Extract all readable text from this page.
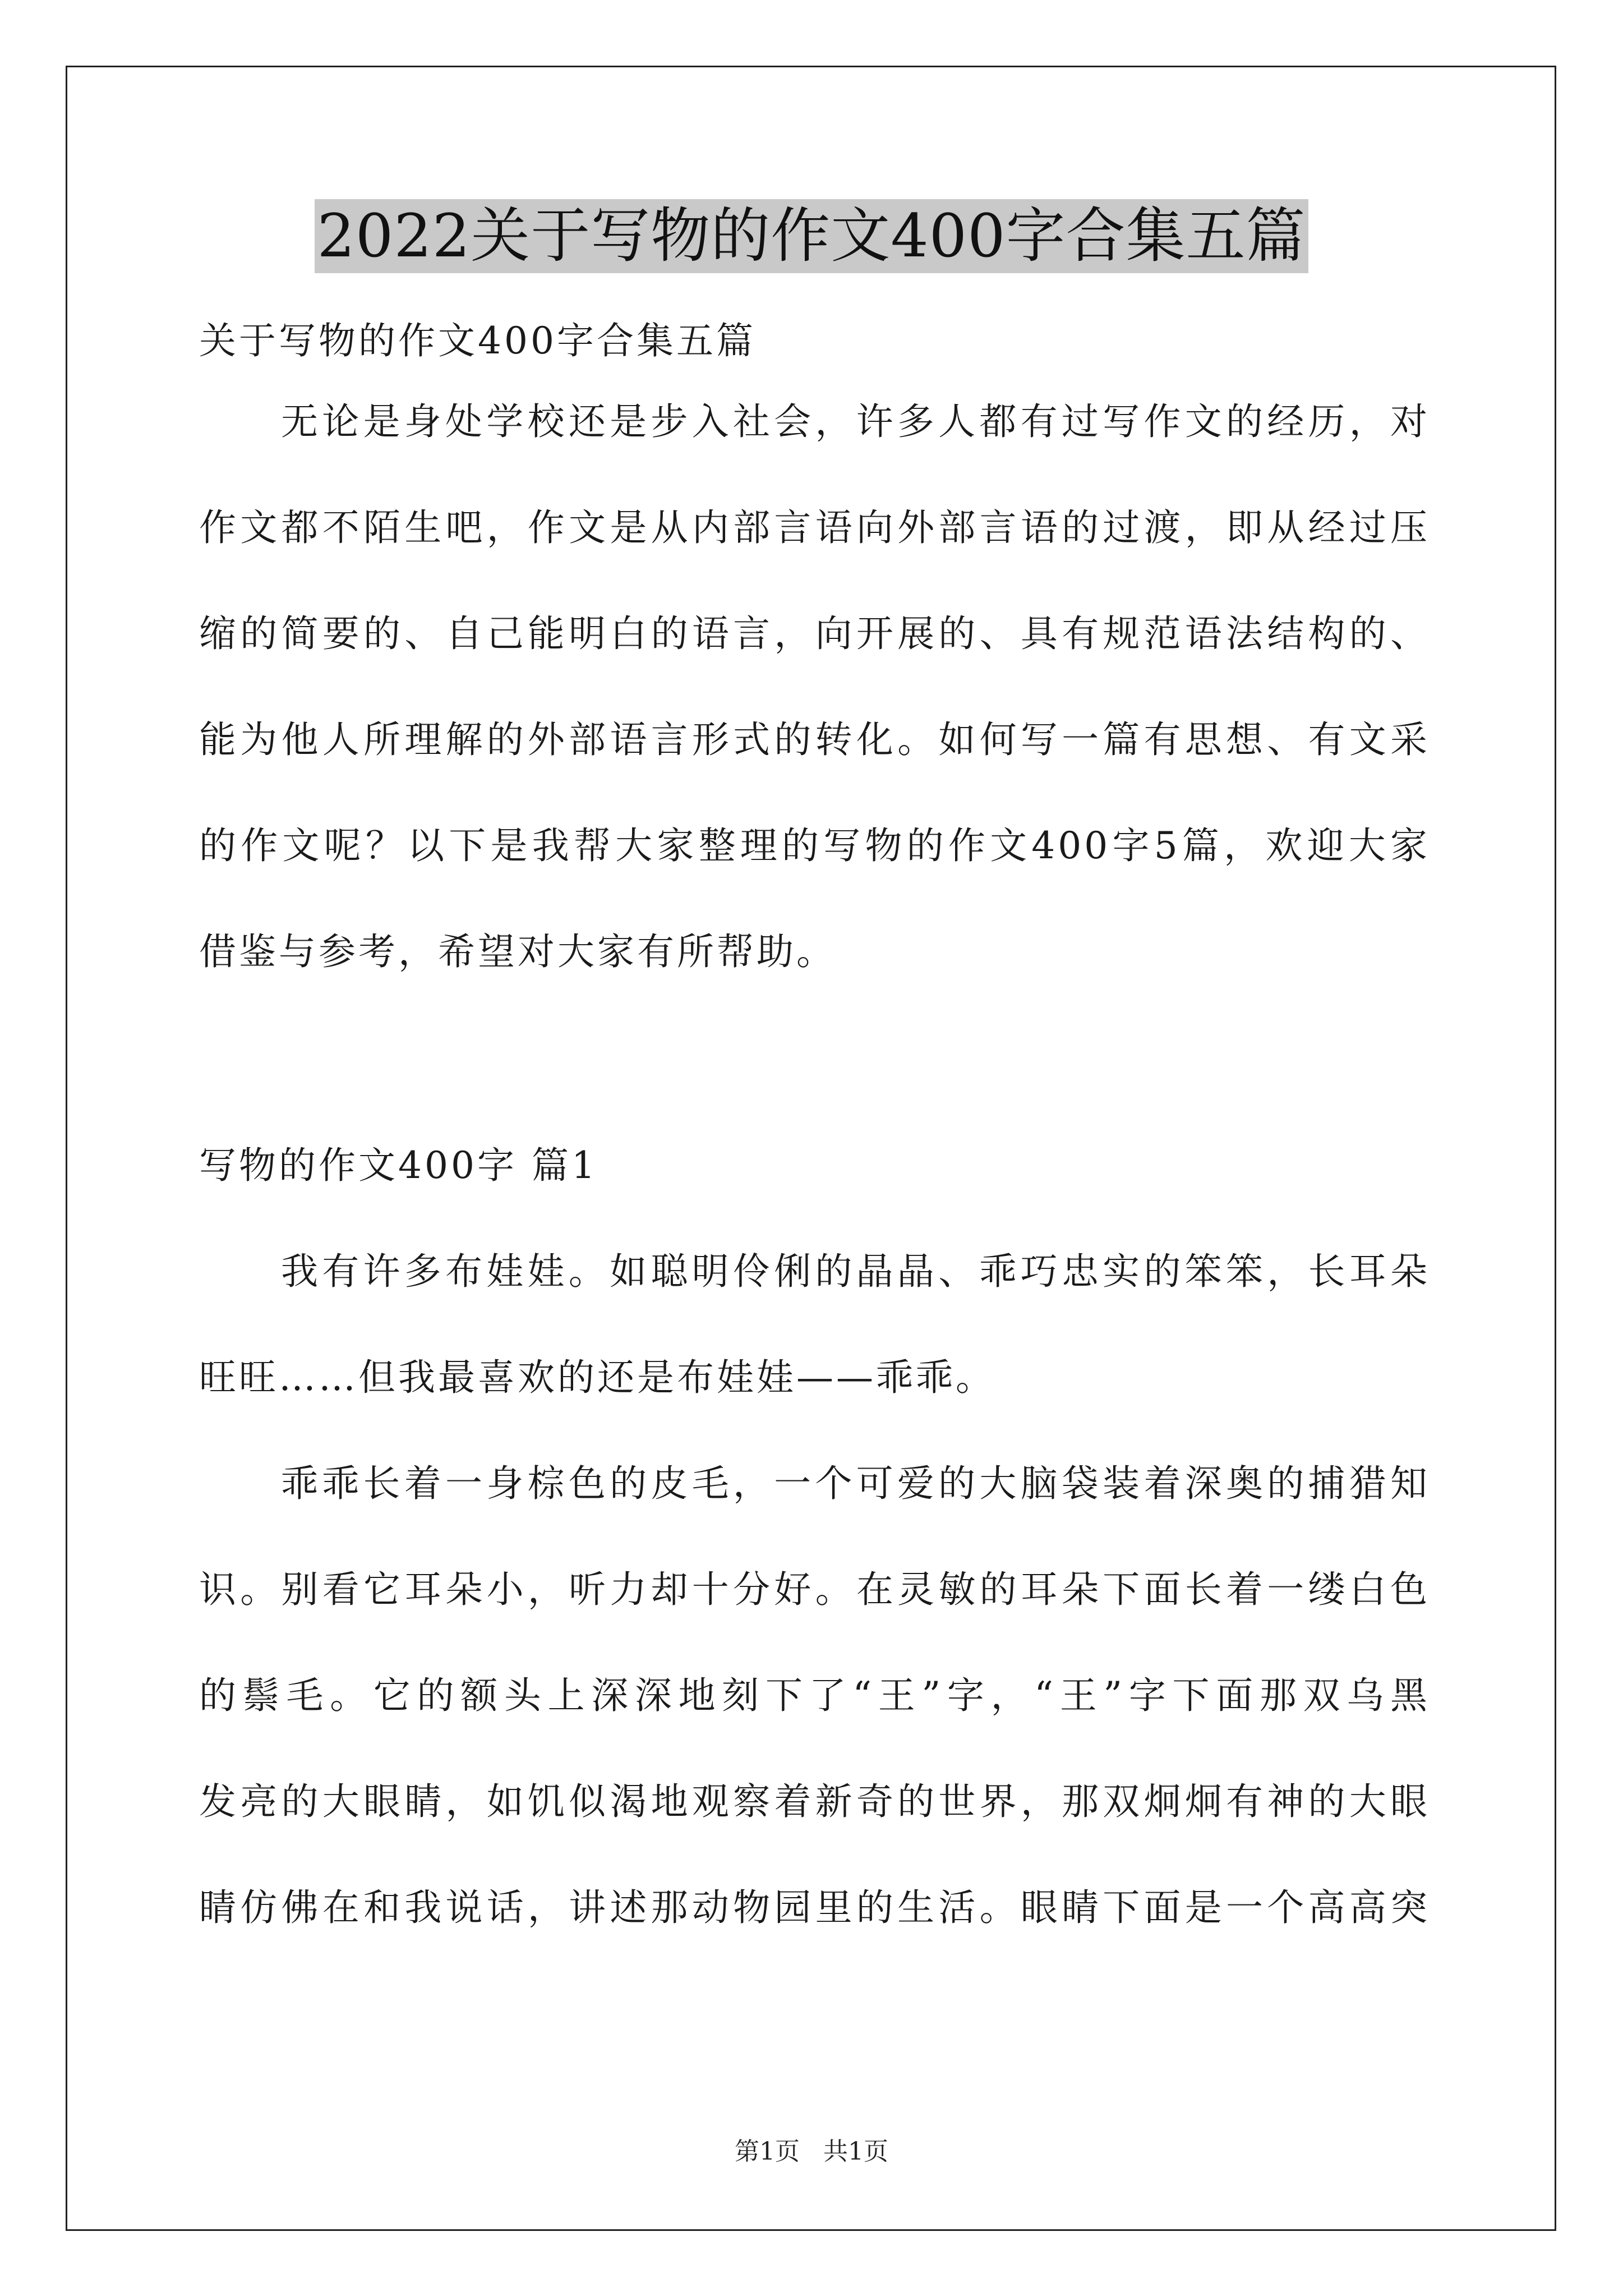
2022关于写物的作文400字合集五篇
关于写物的作文400字合集五篇
无论是身处学校还是步入社会，许多人都有过写作文的经历，对
作文都不陌生吧，作文是从内部言语向外部言语的过渡，即从经过压
缩的简要的、自己能明白的语言，向开展的、具有规范语法结构的、
能为他人所理解的外部语言形式的转化。如何写一篇有思想、有文采
的作文呢？以下是我帮大家整理的写物的作文400字5篇，欢迎大家
借鉴与参考，希望对大家有所帮助。
写物的作文400字 篇1
我有许多布娃娃。如聪明伶俐的晶晶、乖巧忠实的笨笨，长耳朵
旺旺……但我最喜欢的还是布娃娃——乖乖。
乖乖长着一身棕色的皮毛，一个可爱的大脑袋装着深奥的捕猎知
识。别看它耳朵小，听力却十分好。在灵敏的耳朵下面长着一缕白色
的鬃毛。它的额头上深深地刻下了“王”字，“王”字下面那双乌黑
发亮的大眼睛，如饥似渴地观察着新奇的世界，那双炯炯有神的大眼
睛仿佛在和我说话，讲述那动物园里的生活。眼睛下面是一个高高突
第1页 共1页
